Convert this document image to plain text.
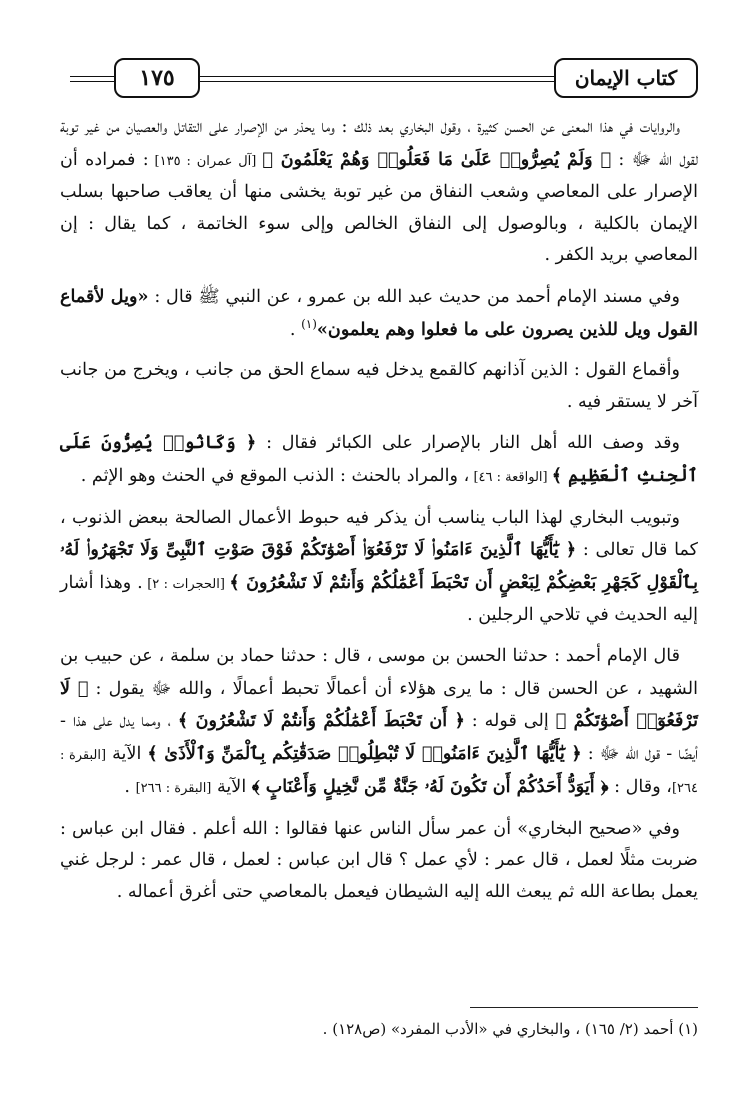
١٧٥	كتاب الإيمان

والروايات في هذا المعنى عن الحسن كثيرة ، وقول البخاري بعد ذلك : وما يحذر من الإصرار على التقاتل والعصيان من غير توبة لقول الله ﷻ : ﴿ وَلَمْ يُصِرُّوا۟ عَلَىٰ مَا فَعَلُوا۟ وَهُمْ يَعْلَمُونَ ﴾ [آل عمران : ١٣٥] : فمراده أن الإصرار على المعاصي وشعب النفاق من غير توبة يخشى منها أن يعاقب صاحبها بسلب الإيمان بالكلية ، وبالوصول إلى النفاق الخالص وإلى سوء الخاتمة ، كما يقال : إن المعاصي بريد الكفر .

وفي مسند الإمام أحمد من حديث عبد الله بن عمرو ، عن النبي ﷺ قال : «ويل لأقماع القول ويل للذين يصرون على ما فعلوا وهم يعلمون»$^{(١)}$ .

وأقماع القول : الذين آذانهم كالقمع يدخل فيه سماع الحق من جانب ، ويخرج من جانب آخر لا يستقر فيه .

وقد وصف الله أهل النار بالإصرار على الكبائر فقال : ﴿ وَكَانُوا۟ يُصِرُّونَ عَلَى ٱلْحِنثِ ٱلْعَظِيمِ ﴾ [الواقعة : ٤٦] ، والمراد بالحنث : الذنب الموقع في الحنث وهو الإثم .

وتبويب البخاري لهذا الباب يناسب أن يذكر فيه حبوط الأعمال الصالحة ببعض الذنوب ، كما قال تعالى : ﴿ يَٰٓأَيُّهَا ٱلَّذِينَ ءَامَنُوا۟ لَا تَرْفَعُوٓا۟ أَصْوَٰتَكُمْ فَوْقَ صَوْتِ ٱلنَّبِىِّ وَلَا تَجْهَرُوا۟ لَهُۥ بِٱلْقَوْلِ كَجَهْرِ بَعْضِكُمْ لِبَعْضٍ أَن تَحْبَطَ أَعْمَٰلُكُمْ وَأَنتُمْ لَا تَشْعُرُونَ ﴾ [الحجرات : ٢] . وهذا أشار إليه الحديث في تلاحي الرجلين .

قال الإمام أحمد : حدثنا الحسن بن موسى ، قال : حدثنا حماد بن سلمة ، عن حبيب بن الشهيد ، عن الحسن قال : ما يرى هؤلاء أن أعمالًا تحبط أعمالًا ، والله ﷻ يقول : ﴿ لَا تَرْفَعُوٓا۟ أَصْوَٰتَكُمْ ﴾ إلى قوله : ﴿ أَن تَحْبَطَ أَعْمَٰلُكُمْ وَأَنتُمْ لَا تَشْعُرُونَ ﴾ ، ومما يدل على هذا - أيضًا - قول الله ﷻ : ﴿ يَٰٓأَيُّهَا ٱلَّذِينَ ءَامَنُوا۟ لَا تُبْطِلُوا۟ صَدَقَٰتِكُم بِٱلْمَنِّ وَٱلْأَذَىٰ ﴾ الآية [البقرة : ٢٦٤]، وقال : ﴿ أَيَوَدُّ أَحَدُكُمْ أَن تَكُونَ لَهُۥ جَنَّةٌ مِّن نَّخِيلٍ وَأَعْنَابٍ ﴾ الآية [البقرة : ٢٦٦] .

وفي «صحيح البخاري» أن عمر سأل الناس عنها فقالوا : الله أعلم . فقال ابن عباس : ضربت مثلًا لعمل ، قال عمر : لأي عمل ؟ قال ابن عباس : لعمل ، قال عمر : لرجل غني يعمل بطاعة الله ثم يبعث الله إليه الشيطان فيعمل بالمعاصي حتى أغرق أعماله .

(١) أحمد (٢/ ١٦٥) ، والبخاري في «الأدب المفرد» (ص١٢٨) .
